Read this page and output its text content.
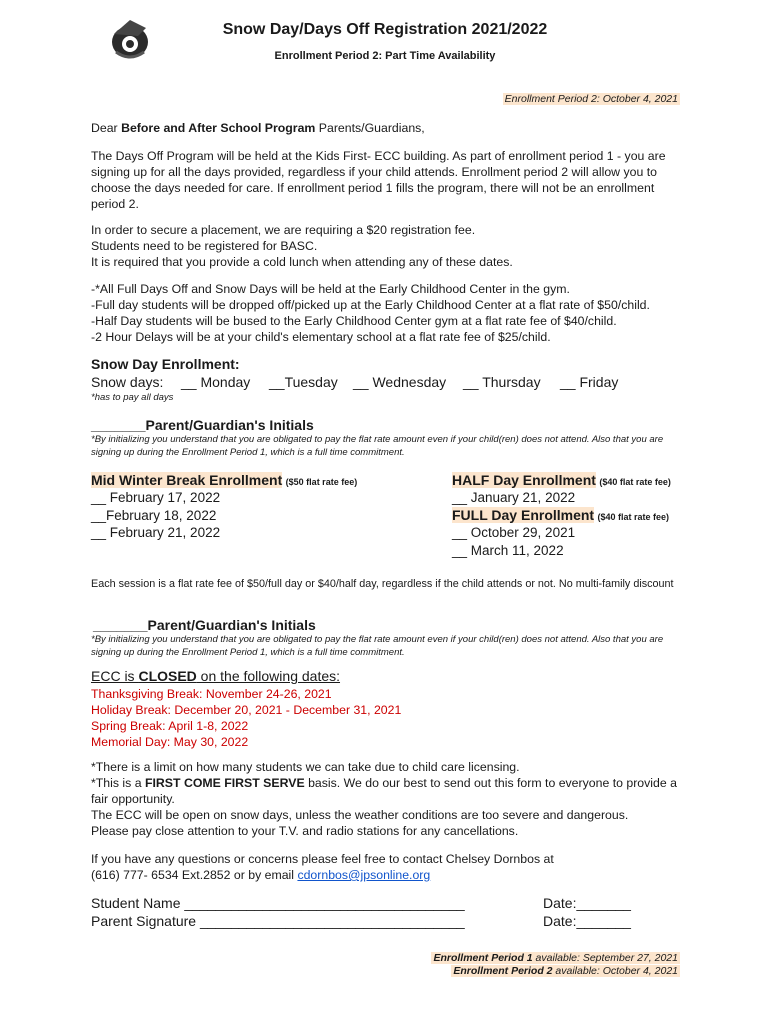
Snow Day/Days Off Registration 2021/2022
Enrollment Period 2: Part Time Availability
Enrollment Period 2: October 4, 2021
Dear Before and After School Program Parents/Guardians,
The Days Off Program will be held at the Kids First- ECC building. As part of enrollment period 1 - you are signing up for all the days provided, regardless if your child attends. Enrollment period 2 will allow you to choose the days needed for care. If enrollment period 1 fills the program, there will not be an enrollment period 2.
In order to secure a placement, we are requiring a $20 registration fee.
Students need to be registered for BASC.
It is required that you provide a cold lunch when attending any of these dates.
-*All Full Days Off and Snow Days will be held at the Early Childhood Center in the gym.
-Full day students will be dropped off/picked up at the Early Childhood Center at a flat rate of $50/child.
-Half Day students will be bused to the Early Childhood Center gym at a flat rate fee of $40/child.
-2 Hour Delays will be at your child's elementary school at a flat rate fee of $25/child.
Snow Day Enrollment:
Snow days: __ Monday __Tuesday __ Wednesday __ Thursday __ Friday
*has to pay all days
_______Parent/Guardian's Initials
*By initializing you understand that you are obligated to pay the flat rate amount even if your child(ren) does not attend. Also that you are signing up during the Enrollment Period 1, which is a full time commitment.
Mid Winter Break Enrollment ($50 flat rate fee)
__ February 17, 2022
__February 18, 2022
__ February 21, 2022
HALF Day Enrollment ($40 flat rate fee)
__ January 21, 2022
FULL Day Enrollment ($40 flat rate fee)
__ October 29, 2021
__ March 11, 2022
Each session is a flat rate fee of $50/full day or $40/half day, regardless if the child attends or not. No multi-family discount
_______Parent/Guardian's Initials
*By initializing you understand that you are obligated to pay the flat rate amount even if your child(ren) does not attend. Also that you are signing up during the Enrollment Period 1, which is a full time commitment.
ECC is CLOSED on the following dates:
Thanksgiving Break: November 24-26, 2021
Holiday Break: December 20, 2021 - December 31, 2021
Spring Break: April 1-8, 2022
Memorial Day: May 30, 2022
*There is a limit on how many students we can take due to child care licensing.
*This is a FIRST COME FIRST SERVE basis. We do our best to send out this form to everyone to provide a fair opportunity.
The ECC will be open on snow days, unless the weather conditions are too severe and dangerous.
Please pay close attention to your T.V. and radio stations for any cancellations.
If you have any questions or concerns please feel free to contact Chelsey Dornbos at
(616) 777- 6534 Ext.2852 or by email cdornbos@jpsonline.org
Student Name ____________________________________
Parent Signature __________________________________
Date:_______
Date:_______
Enrollment Period 1 available: September 27, 2021
Enrollment Period 2 available: October 4, 2021
